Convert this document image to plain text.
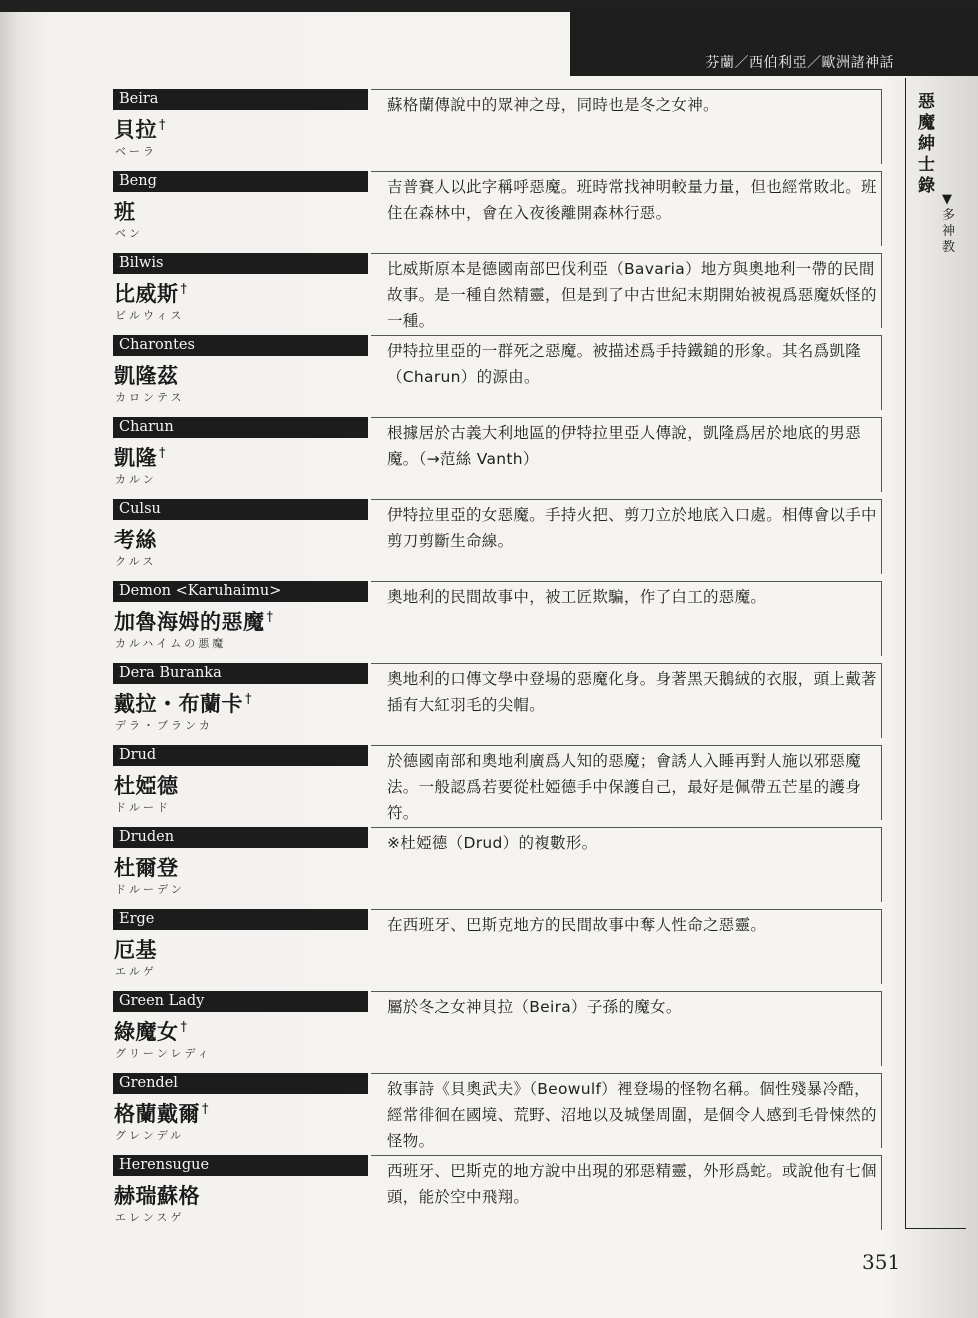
芬蘭／西伯利亞／歐洲諸神話
惡魔紳士錄
▼多神教
Beira
貝拉 †
ベーラ
蘇格蘭傳說中的眾神之母，同時也是冬之女神。
Beng
班
ベン
吉普賽人以此字稱呼惡魔。班時常找神明較量力量，但也經常敗北。班住在森林中，會在入夜後離開森林行惡。
Bilwis
比威斯 †
ビルウィス
比威斯原本是德國南部巴伐利亞（Bavaria）地方與奧地利一帶的民間故事。是一種自然精靈，但是到了中古世紀末期開始被視爲惡魔妖怪的一種。
Charontes
凱隆茲
カロンテス
伊特拉里亞的一群死之惡魔。被描述爲手持鐵鎚的形象。其名爲凱隆（Charun）的源由。
Charun
凱隆 †
カルン
根據居於古義大利地區的伊特拉里亞人傳說，凱隆爲居於地底的男惡魔。（→范絲 Vanth）
Culsu
考絲
クルス
伊特拉里亞的女惡魔。手持火把、剪刀立於地底入口處。相傳會以手中剪刀剪斷生命線。
Demon <Karuhaimu>
加魯海姆的惡魔 †
カルハイムの悪魔
奧地利的民間故事中，被工匠欺騙，作了白工的惡魔。
Dera Buranka
戴拉・布蘭卡 †
デラ・ブランカ
奧地利的口傳文學中登場的惡魔化身。身著黑天鵝絨的衣服，頭上戴著插有大紅羽毛的尖帽。
Drud
杜婭德
ドルード
於德國南部和奧地利廣爲人知的惡魔；會誘人入睡再對人施以邪惡魔法。一般認爲若要從杜婭德手中保護自己，最好是佩帶五芒星的護身符。
Druden
杜爾登
ドルーデン
※杜婭德（Drud）的複數形。
Erge
厄基
エルゲ
在西班牙、巴斯克地方的民間故事中奪人性命之惡靈。
Green Lady
綠魔女 †
グリーンレディ
屬於冬之女神貝拉（Beira）子孫的魔女。
Grendel
格蘭戴爾 †
グレンデル
敘事詩《貝奧武夫》（Beowulf）裡登場的怪物名稱。個性殘暴冷酷，經常徘徊在國境、荒野、沼地以及城堡周圍，是個令人感到毛骨悚然的怪物。
Herensugue
赫瑞蘇格
エレンスゲ
西班牙、巴斯克的地方說中出現的邪惡精靈，外形爲蛇。或說他有七個頭，能於空中飛翔。
351
